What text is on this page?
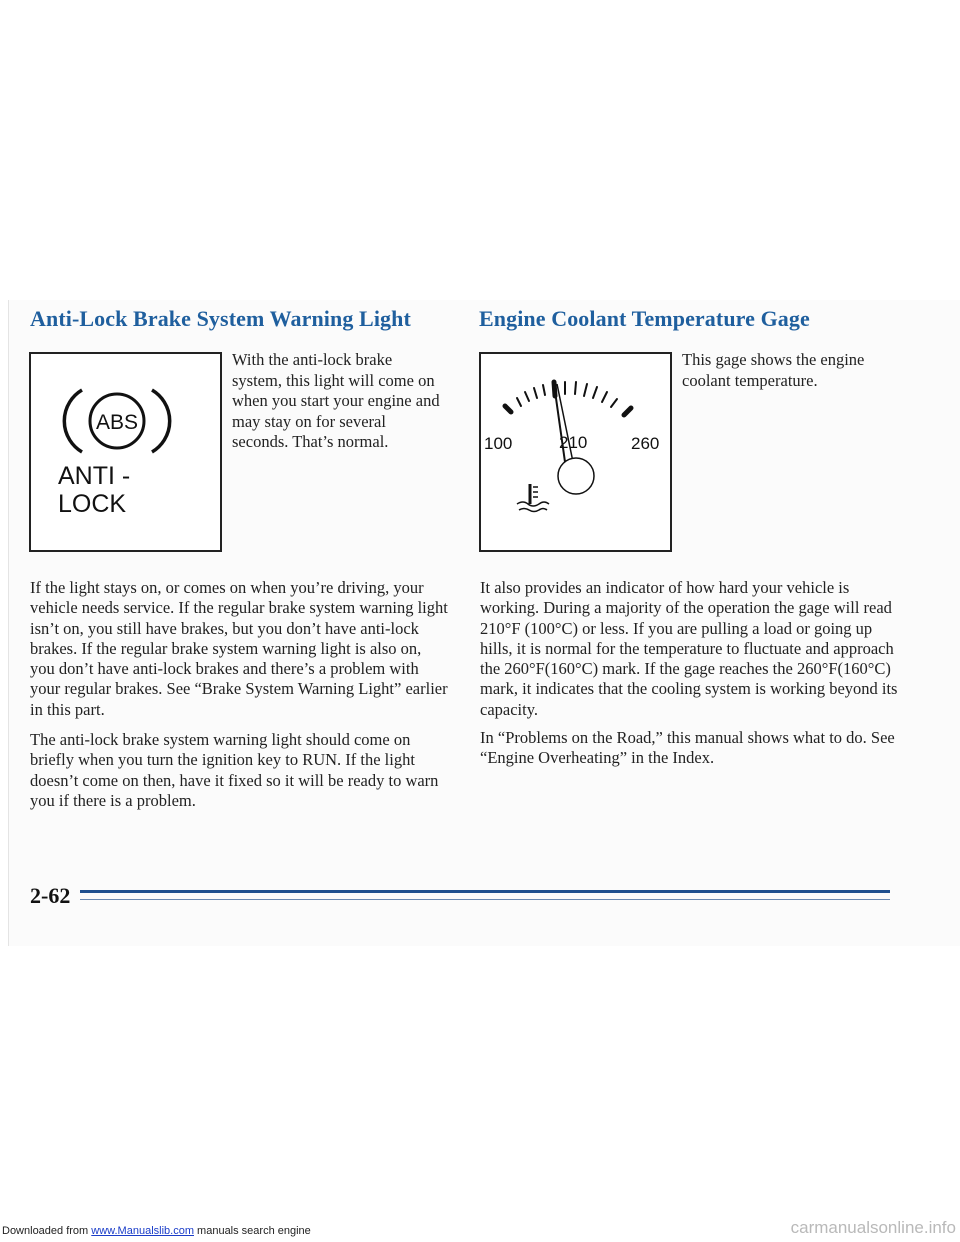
Anti-Lock Brake System Warning Light
ABS
ANTI -
LOCK

With the anti-lock brake system, this light will come on when you start your engine and may stay on for several seconds. That’s normal.

If the light stays on, or comes on when you’re driving, your vehicle needs service. If the regular brake system warning light isn’t on, you still have brakes, but you don’t have anti-lock brakes. If the regular brake system warning light is also on, you don’t have anti-lock brakes and there’s a problem with your regular brakes. See “Brake System Warning Light” earlier in this part.

The anti-lock brake system warning light should come on briefly when you turn the ignition key to RUN. If the light doesn’t come on then, have it fixed so it will be ready to warn you if there is a problem.

Engine Coolant Temperature Gage
210
100	260

This gage shows the engine coolant temperature.

It also provides an indicator of how hard your vehicle is working. During a majority of the operation the gage will read 210°F (100°C) or less. If you are pulling a load or going up hills, it is normal for the temperature to fluctuate and approach the 260°F(160°C) mark. If the gage reaches the 260°F(160°C) mark, it indicates that the cooling system is working beyond its capacity.

In “Problems on the Road,” this manual shows what to do. See “Engine Overheating” in the Index.

2-62

Downloaded from www.Manualslib.com manuals search engine	carmanualsonline.info
